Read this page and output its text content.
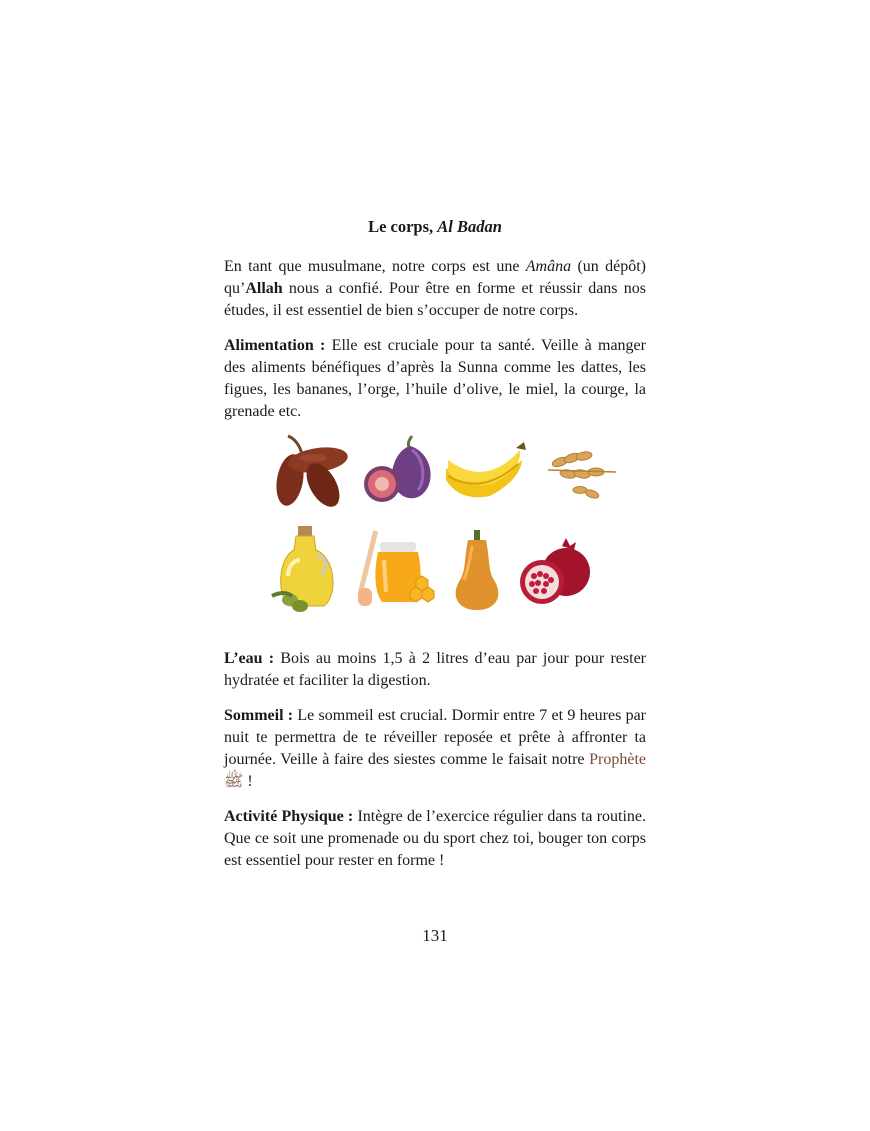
Le corps, Al Badan

En tant que musulmane, notre corps est une Amâna (un dépôt) qu’Allah nous a confié. Pour être en forme et réussir dans nos études, il est essentiel de bien s’occuper de notre corps.

Alimentation : Elle est cruciale pour ta santé. Veille à manger des aliments bénéfiques d’après la Sunna comme les dattes, les figues, les bananes, l’orge, l’huile d’olive, le miel, la courge, la grenade etc.

L’eau : Bois au moins 1,5 à 2 litres d’eau par jour pour rester hydratée et faciliter la digestion.

Sommeil : Le sommeil est crucial. Dormir entre 7 et 9 heures par nuit te permettra de te réveiller reposée et prête à affronter ta journée. Veille à faire des siestes comme le faisait notre Prophète ﷺ !

Activité Physique : Intègre de l’exercice régulier dans ta routine. Que ce soit une promenade ou du sport chez toi, bouger ton corps est essentiel pour rester en forme !

131
